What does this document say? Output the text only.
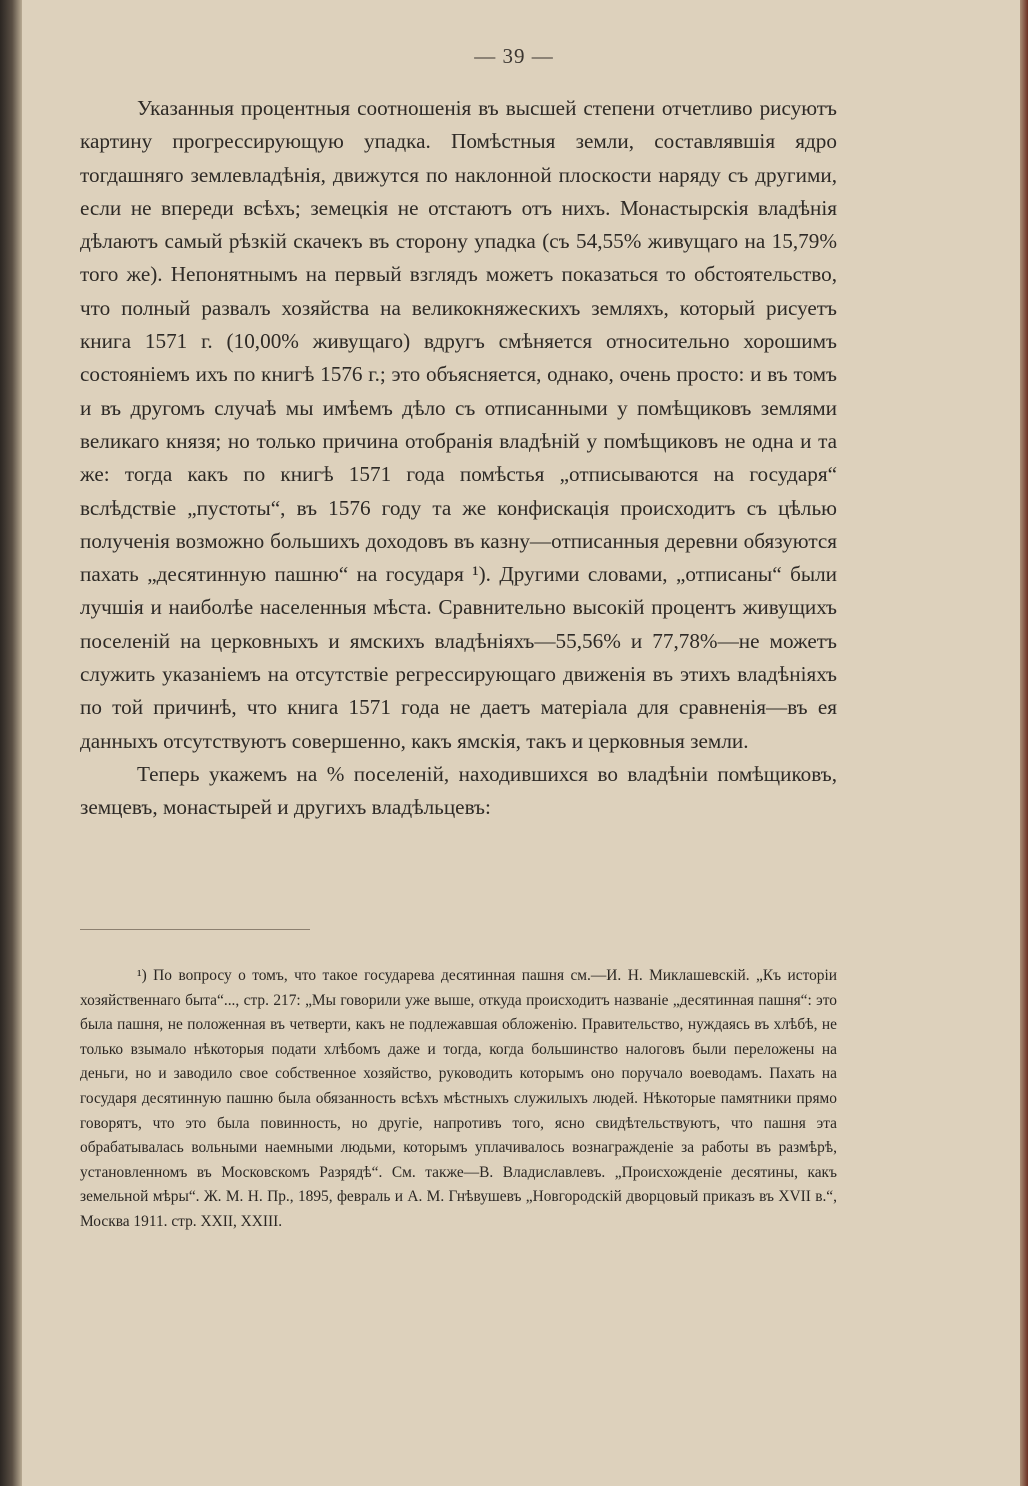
— 39 —

Указанныя процентныя соотношенія въ высшей степени отчетливо рисуютъ картину прогрессирующую упадка. Помѣстныя земли, составлявшія ядро тогдашняго землевладѣнія, движутся по наклонной плоскости наряду съ другими, если не впереди всѣхъ; земецкія не отстаютъ отъ нихъ. Монастырскія владѣнія дѣлаютъ самый рѣзкій скачекъ въ сторону упадка (съ 54,55% живущаго на 15,79% того же). Непонятнымъ на первый взглядъ можетъ показаться то обстоятельство, что полный развалъ хозяйства на великокняжескихъ земляхъ, который рисуетъ книга 1571 г. (10,00% живущаго) вдругъ смѣняется относительно хорошимъ состояніемъ ихъ по книгѣ 1576 г.; это объясняется, однако, очень просто: и въ томъ и въ другомъ случаѣ мы имѣемъ дѣло съ отписанными у помѣщиковъ землями великаго князя; но только причина отобранія владѣній у помѣщиковъ не одна и та же: тогда какъ по книгѣ 1571 года помѣстья „отписываются на государя“ вслѣдствіе „пустоты“, въ 1576 году та же конфискація происходитъ съ цѣлью полученія возможно большихъ доходовъ въ казну—отписанныя деревни обязуются пахать „десятинную пашню“ на государя ¹). Другими словами, „отписаны“ были лучшія и наиболѣе населенныя мѣста. Сравнительно высокій процентъ живущихъ поселеній на церковныхъ и ямскихъ владѣніяхъ—55,56% и 77,78%—не можетъ служить указаніемъ на отсутствіе регрессирующаго движенія въ этихъ владѣніяхъ по той причинѣ, что книга 1571 года не даетъ матеріала для сравненія—въ ея данныхъ отсутствуютъ совершенно, какъ ямскія, такъ и церковныя земли.

Теперь укажемъ на % поселеній, находившихся во владѣніи помѣщиковъ, земцевъ, монастырей и другихъ владѣльцевъ:

¹) По вопросу о томъ, что такое государева десятинная пашня см.—И. Н. Миклашевскій. „Къ исторіи хозяйственнаго быта“..., стр. 217: „Мы говорили уже выше, откуда происходитъ названіе „десятинная пашня“: это была пашня, не положенная въ четверти, какъ не подлежавшая обложенію. Правительство, нуждаясь въ хлѣбѣ, не только взымало нѣкоторыя подати хлѣбомъ даже и тогда, когда большинство налоговъ были переложены на деньги, но и заводило свое собственное хозяйство, руководить которымъ оно поручало воеводамъ. Пахать на государя десятинную пашню была обязанность всѣхъ мѣстныхъ служилыхъ людей. Нѣкоторые памятники прямо говорятъ, что это была повинность, но другіе, напротивъ того, ясно свидѣтельствуютъ, что пашня эта обрабатывалась вольными наемными людьми, которымъ уплачивалось вознагражденіе за работы въ размѣрѣ, установленномъ въ Московскомъ Разрядѣ“. См. также—В. Владиславлевъ. „Происхожденіе десятины, какъ земельной мѣры“. Ж. М. Н. Пр., 1895, февраль и А. М. Гнѣвушевъ „Новгородскій дворцовый приказъ въ XVII в.“, Москва 1911. стр. XXII, XXIII.
